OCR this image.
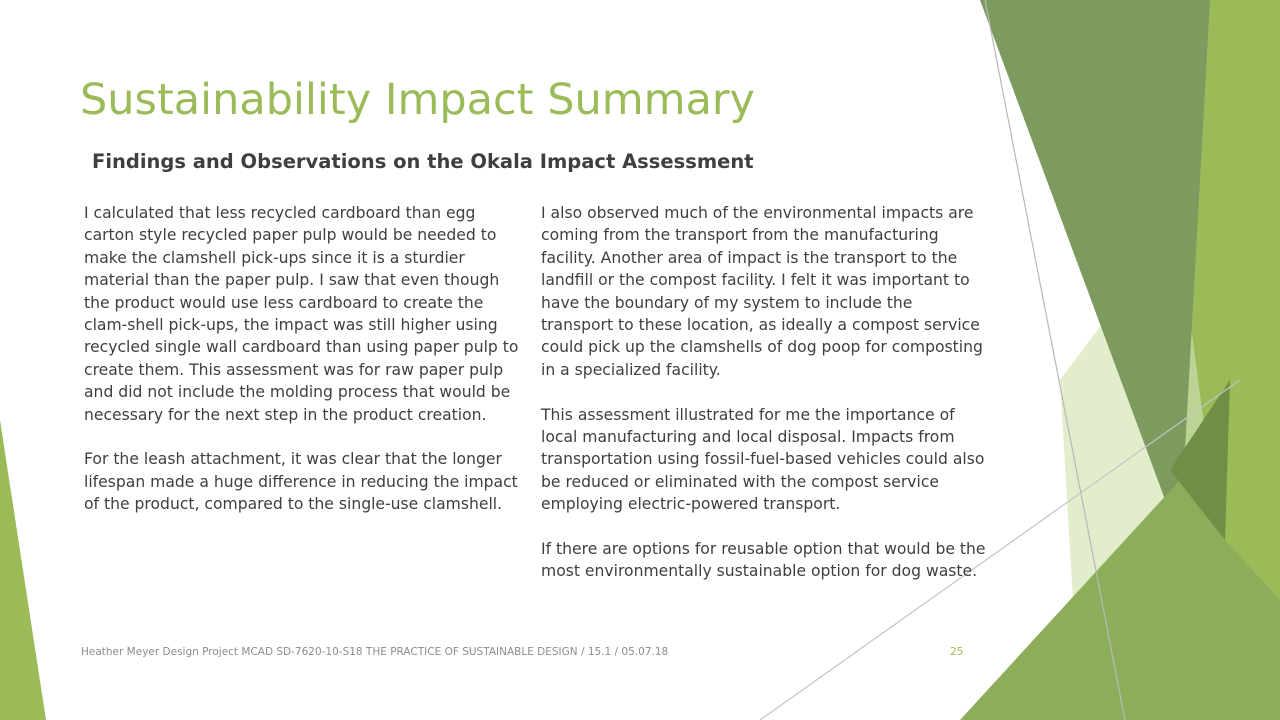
Sustainability Impact Summary
Findings and Observations on the Okala Impact Assessment

I calculated that less recycled cardboard than egg carton style recycled paper pulp would be needed to make the clamshell pick-ups since it is a sturdier material than the paper pulp. I saw that even though the product would use less cardboard to create the clam-shell pick-ups, the impact was still higher using recycled single wall cardboard than using paper pulp to create them. This assessment was for raw paper pulp and did not include the molding process that would be necessary for the next step in the product creation.

For the leash attachment, it was clear that the longer lifespan made a huge difference in reducing the impact of the product, compared to the single-use clamshell.

I also observed much of the environmental impacts are coming from the transport from the manufacturing facility. Another area of impact is the transport to the landfill or the compost facility. I felt it was important to have the boundary of my system to include the transport to these location, as ideally a compost service could pick up the clamshells of dog poop for composting in a specialized facility.

This assessment illustrated for me the importance of local manufacturing and local disposal. Impacts from transportation using fossil-fuel-based vehicles could also be reduced or eliminated with the compost service employing electric-powered transport.

If there are options for reusable option that would be the most environmentally sustainable option for dog waste.

Heather Meyer Design Project MCAD SD-7620-10-S18 THE PRACTICE OF SUSTAINABLE DESIGN / 15.1 / 05.07.18	25
